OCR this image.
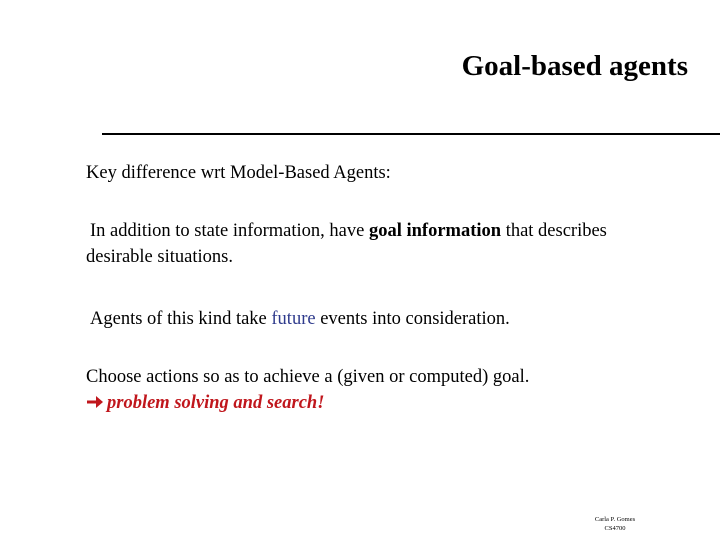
Goal-based agents

Key difference wrt Model-Based Agents:

In addition to state information, have goal information that describes

desirable situations.

Agents of this kind take future events into consideration.

Choose actions so as to achieve a (given or computed) goal.

problem solving and search!

Carla P. Gomes
CS4700
